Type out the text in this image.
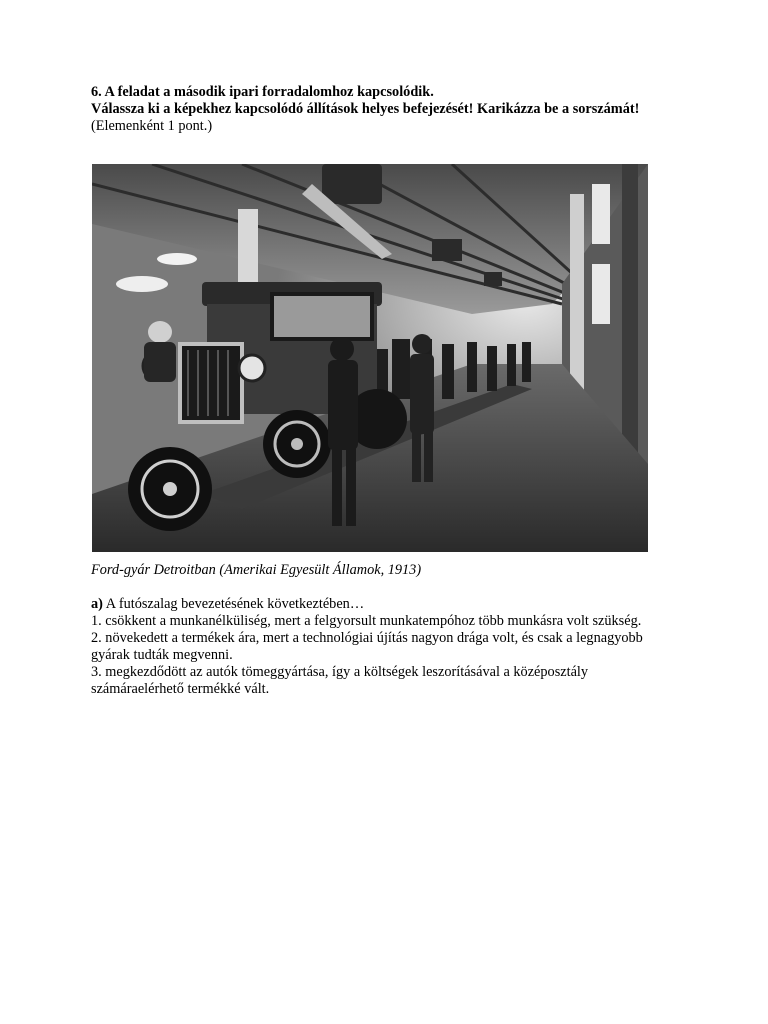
6. A feladat a második ipari forradalomhoz kapcsolódik.

Válassza ki a képekhez kapcsolódó állítások helyes befejezését! Karikázza be a sorszámát!

(Elemenként 1 pont.)

Ford-gyár Detroitban (Amerikai Egyesült Államok, 1913)

a) A futószalag bevezetésének következtében…

1. csökkent a munkanélküliség, mert a felgyorsult munkatempóhoz több munkásra volt szükség.

2. növekedett a termékek ára, mert a technológiai újítás nagyon drága volt, és csak a legnagyobb

gyárak tudták megvenni.

3. megkezdődött az autók tömeggyártása, így a költségek leszorításával a középosztály számáraelérhető termékké vált.
